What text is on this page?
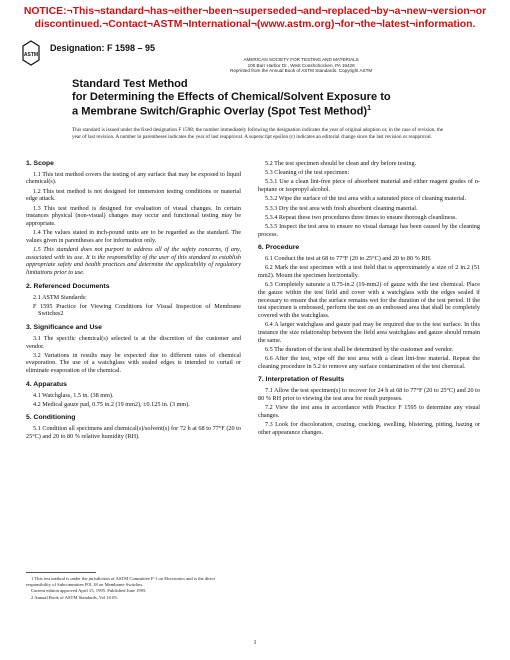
NOTICE:¬This¬standard¬has¬either¬been¬superseded¬and¬replaced¬by¬a¬new¬version¬or
discontinued.¬Contact¬ASTM¬International¬(www.astm.org)¬for¬the¬latest¬information.
ASTM
Designation: F 1598 – 95
AMERICAN SOCIETY FOR TESTING AND MATERIALS
100 Barr Harbor Dr., West Conshohocken, PA 19428
Reprinted from the Annual Book of ASTM Standards. Copyright ASTM
Standard Test Method
for Determining the Effects of Chemical/Solvent Exposure to
a Membrane Switch/Graphic Overlay (Spot Test Method)$^1$
This standard is issued under the fixed designation F 1598; the number immediately following the designation indicates the year of original adoption or, in the case of revision, the year of last revision. A number in parentheses indicates the year of last reapproval. A superscript epsilon (ε) indicates an editorial change since the last revision or reapproval.
1. Scope

1.1 This test method covers the testing of any surface that may be exposed to liquid chemical(s).

1.2 This test method is not designed for immersion testing conditions or material edge attack.

1.3 This test method is designed for evaluation of visual changes. In certain instances physical (non-visual) changes may occur and functional testing may be appropriate.

1.4 The values stated in inch-pound units are to be regarded as the standard. The values given in parentheses are for information only.

1.5 This standard does not purport to address all of the safety concerns, if any, associated with its use. It is the responsibility of the user of this standard to establish appropriate safety and health practices and determine the applicability of regulatory limitations prior to use.

2. Referenced Documents

2.1 ASTM Standards:

F 1595 Practice for Viewing Conditions for Visual Inspection of Membrane Switches2

3. Significance and Use

3.1 The specific chemical(s) selected is at the discretion of the customer and vendor.

3.2 Variations in results may be expected due to different rates of chemical evaporation. The use of a watchglass with sealed edges is intended to curtail or eliminate evaporation of the chemical.

4. Apparatus

4.1 Watchglass, 1.5 in. (38 mm).

4.2 Medical gauze pad, 0.75 in.2 (19 mm2), ±0.125 in. (3 mm).

5. Conditioning

5.1 Condition all specimens and chemical(s)/solvent(s) for 72 h at 68 to 77°F (20 to 25°C) and 20 to 80 % relative humidity (RH).

1 This test method is under the jurisdiction of ASTM Committee F-1 on Electronics and is the direct responsibility of Subcommittee F01.18 on Membrane Switches.

Current edition approved April 15, 1995. Published June 1995.

2 Annual Book of ASTM Standards, Vol 10.05.

5.2 The test specimen should be clean and dry before testing.

5.3 Cleaning of the test specimen:

5.3.1 Use a clean lint-free piece of absorbent material and either reagent grades of n-heptane or isopropyl alcohol.

5.3.2 Wipe the surface of the test area with a saturated piece of cleaning material.

5.3.3 Dry the test area with fresh absorbent cleaning material.

5.3.4 Repeat these two procedures three times to ensure thorough cleanliness.

5.3.5 Inspect the test area to ensure no visual damage has been caused by the cleaning process.

6. Procedure

6.1 Conduct the test at 68 to 77°F (20 to 25°C) and 20 to 80 % RH.

6.2 Mark the test specimen with a test field that is approximately a size of 2 in.2 (51 mm2). Mount the specimen horizontally.

6.3 Completely saturate a 0.75-in.2 (19-mm2) of gauze with the test chemical. Place the gauze within the test field and cover with a watchglass with the edges sealed if necessary to ensure that the surface remains wet for the duration of the test period. If the test specimen is embossed, perform the test on an embossed area that shall be completely covered with the watchglass.

6.4 A larger watchglass and gauze pad may be required due to the test surface. In this instance the size relationship between the field area watchglass and gauze should remain the same.

6.5 The duration of the test shall be determined by the customer and vendor.

6.6 After the test, wipe off the test area with a clean lint-free material. Repeat the cleaning procedure in 5.2 to remove any surface contamination of the test chemical.

7. Interpretation of Results

7.1 Allow the test specimen(s) to recover for 24 h at 68 to 77°F (20 to 25°C) and 20 to 80 % RH prior to viewing the test area for result purposes.

7.2 View the test area in accordance with Practice F 1595 to determine any visual changes.

7.3 Look for discoloration, crazing, cracking, swelling, blistering, pitting, hazing or other appearance changes.

1
